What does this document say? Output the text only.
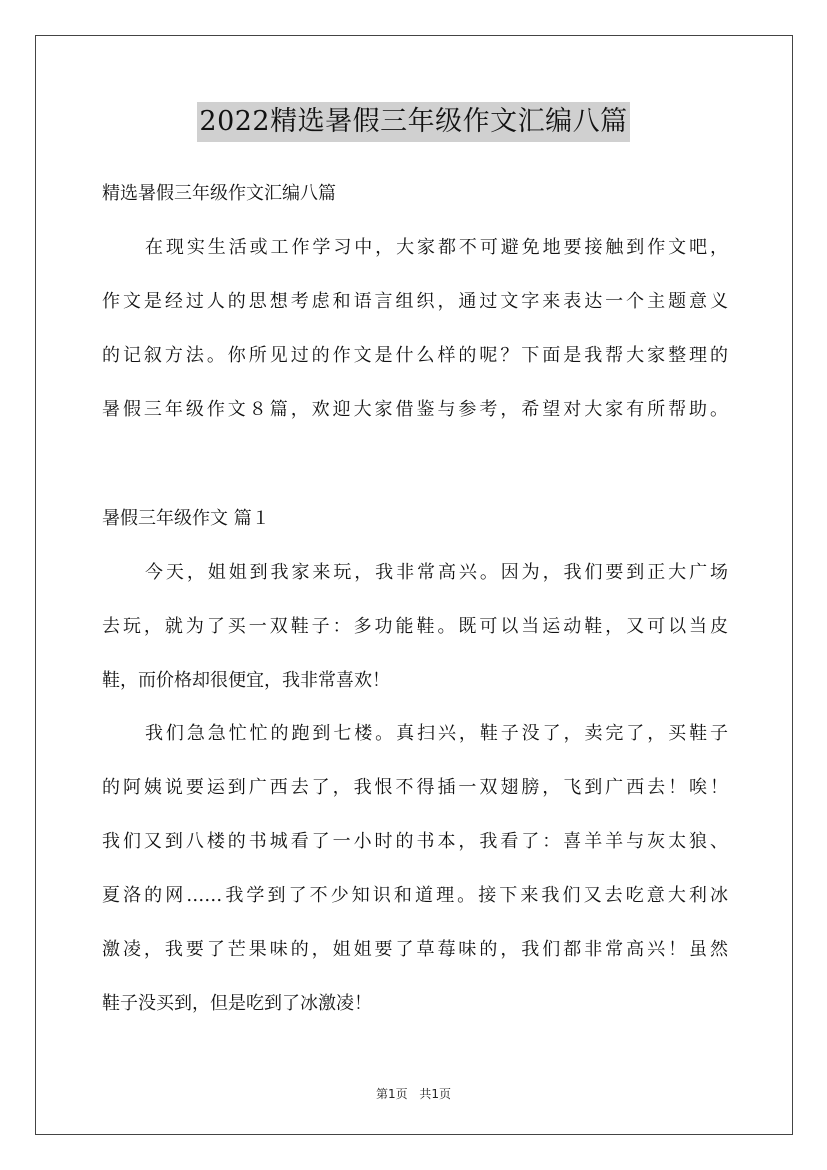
2022精选暑假三年级作文汇编八篇
精选暑假三年级作文汇编八篇
在现实生活或工作学习中，大家都不可避免地要接触到作文吧，
作文是经过人的思想考虑和语言组织，通过文字来表达一个主题意义
的记叙方法。你所见过的作文是什么样的呢？下面是我帮大家整理的
暑假三年级作文８篇，欢迎大家借鉴与参考，希望对大家有所帮助。
暑假三年级作文 篇１
今天，姐姐到我家来玩，我非常高兴。因为，我们要到正大广场
去玩，就为了买一双鞋子：多功能鞋。既可以当运动鞋，又可以当皮
鞋，而价格却很便宜，我非常喜欢！
我们急急忙忙的跑到七楼。真扫兴，鞋子没了，卖完了，买鞋子
的阿姨说要运到广西去了，我恨不得插一双翅膀，飞到广西去！唉！
我们又到八楼的书城看了一小时的书本，我看了：喜羊羊与灰太狼、
夏洛的网……我学到了不少知识和道理。接下来我们又去吃意大利冰
激凌，我要了芒果味的，姐姐要了草莓味的，我们都非常高兴！虽然
鞋子没买到，但是吃到了冰激凌！
第1页 共1页
